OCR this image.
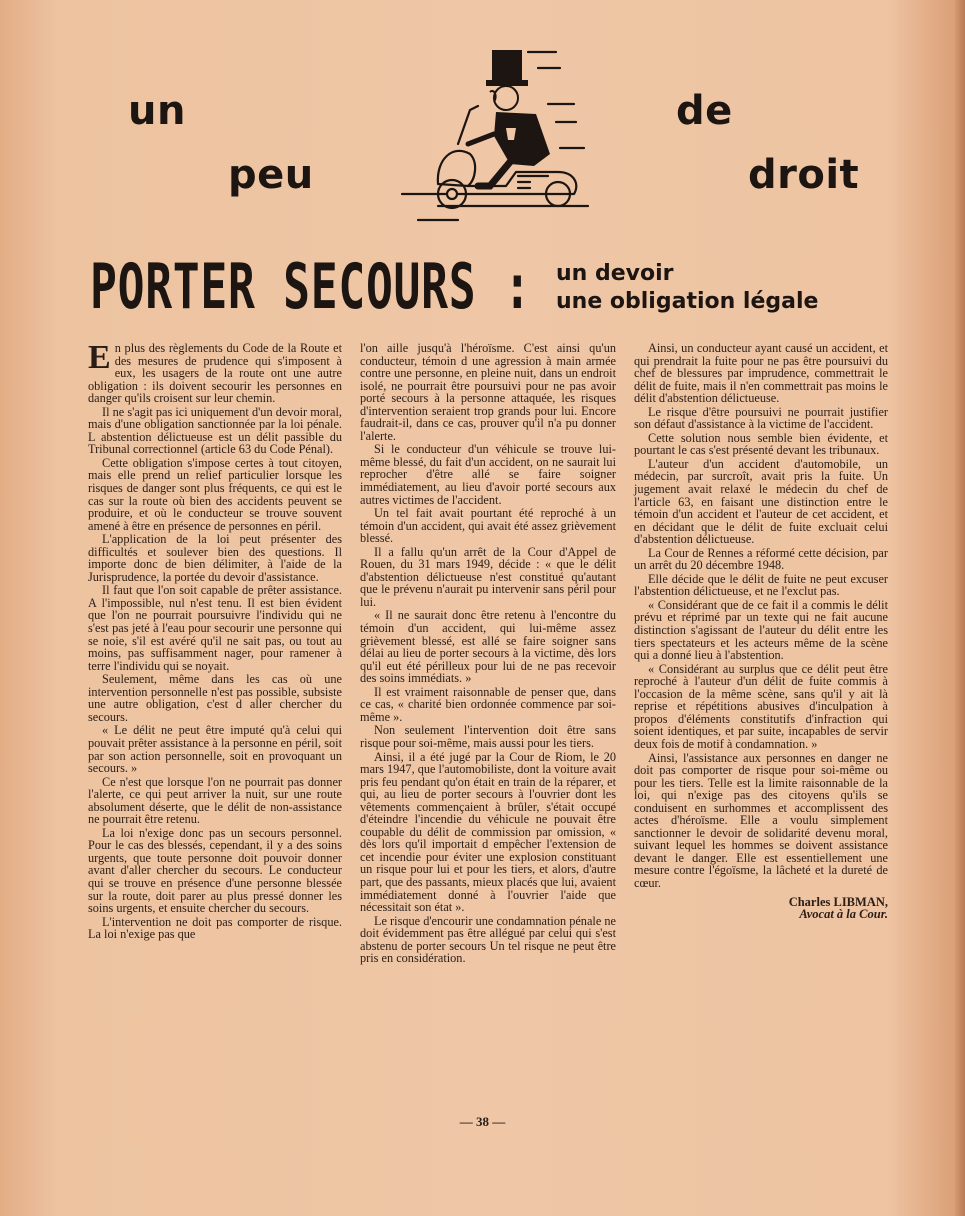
un
peu
de
droit
PORTER SECOURS : un devoir
une obligation légale

En plus des règlements du Code de la Route et des mesures de prudence qui s'imposent à eux, les usagers de la route ont une autre obligation : ils doivent secourir les personnes en danger qu'ils croisent sur leur chemin.

Il ne s'agit pas ici uniquement d'un devoir moral, mais d'une obligation sanctionnée par la loi pénale. L abstention délictueuse est un délit passible du Tribunal correctionnel (article 63 du Code Pénal).

Cette obligation s'impose certes à tout citoyen, mais elle prend un relief particulier lorsque les risques de danger sont plus fréquents, ce qui est le cas sur la route où bien des accidents peuvent se produire, et où le conducteur se trouve souvent amené à être en présence de personnes en péril.

L'application de la loi peut présenter des difficultés et soulever bien des questions. Il importe donc de bien délimiter, à l'aide de la Jurisprudence, la portée du devoir d'assistance.

Il faut que l'on soit capable de prêter assistance. A l'impossible, nul n'est tenu. Il est bien évident que l'on ne pourrait poursuivre l'individu qui ne s'est pas jeté à l'eau pour secourir une personne qui se noie, s'il est avéré qu'il ne sait pas, ou tout au moins, pas suffisamment nager, pour ramener à terre l'individu qui se noyait.

Seulement, même dans les cas où une intervention personnelle n'est pas possible, subsiste une autre obligation, c'est d aller chercher du secours.

« Le délit ne peut être imputé qu'à celui qui pouvait prêter assistance à la personne en péril, soit par son action personnelle, soit en provoquant un secours. »

Ce n'est que lorsque l'on ne pourrait pas donner l'alerte, ce qui peut arriver la nuit, sur une route absolument déserte, que le délit de non-assistance ne pourrait être retenu.

La loi n'exige donc pas un secours personnel. Pour le cas des blessés, cependant, il y a des soins urgents, que toute personne doit pouvoir donner avant d'aller chercher du secours. Le conducteur qui se trouve en présence d'une personne blessée sur la route, doit parer au plus pressé donner les soins urgents, et ensuite chercher du secours.

L'intervention ne doit pas comporter de risque. La loi n'exige pas que

l'on aille jusqu'à l'héroïsme. C'est ainsi qu'un conducteur, témoin d une agression à main armée contre une personne, en pleine nuit, dans un endroit isolé, ne pourrait être poursuivi pour ne pas avoir porté secours à la personne attaquée, les risques d'intervention seraient trop grands pour lui. Encore faudrait-il, dans ce cas, prouver qu'il n'a pu donner l'alerte.

Si le conducteur d'un véhicule se trouve lui-même blessé, du fait d'un accident, on ne saurait lui reprocher d'être allé se faire soigner immédiatement, au lieu d'avoir porté secours aux autres victimes de l'accident.

Un tel fait avait pourtant été reproché à un témoin d'un accident, qui avait été assez grièvement blessé.

Il a fallu qu'un arrêt de la Cour d'Appel de Rouen, du 31 mars 1949, décide : « que le délit d'abstention délictueuse n'est constitué qu'autant que le prévenu n'aurait pu intervenir sans péril pour lui.

« Il ne saurait donc être retenu à l'encontre du témoin d'un accident, qui lui-même assez grièvement blessé, est allé se faire soigner sans délai au lieu de porter secours à la victime, dès lors qu'il eut été périlleux pour lui de ne pas recevoir des soins immédiats. »

Il est vraiment raisonnable de penser que, dans ce cas, « charité bien ordonnée commence par soi-même ».

Non seulement l'intervention doit être sans risque pour soi-même, mais aussi pour les tiers.

Ainsi, il a été jugé par la Cour de Riom, le 20 mars 1947, que l'automobiliste, dont la voiture avait pris feu pendant qu'on était en train de la réparer, et qui, au lieu de porter secours à l'ouvrier dont les vêtements commençaient à brûler, s'était occupé d'éteindre l'incendie du véhicule ne pouvait être coupable du délit de commission par omission, « dès lors qu'il importait d empêcher l'extension de cet incendie pour éviter une explosion constituant un risque pour lui et pour les tiers, et alors, d'autre part, que des passants, mieux placés que lui, avaient immédiatement donné à l'ouvrier l'aide que nécessitait son état ».

Le risque d'encourir une condamnation pénale ne doit évidemment pas être allégué par celui qui s'est abstenu de porter secours Un tel risque ne peut être pris en considération.

Ainsi, un conducteur ayant causé un accident, et qui prendrait la fuite pour ne pas être poursuivi du chef de blessures par imprudence, commettrait le délit de fuite, mais il n'en commettrait pas moins le délit d'abstention délictueuse.

Le risque d'être poursuivi ne pourrait justifier son défaut d'assistance à la victime de l'accident.

Cette solution nous semble bien évidente, et pourtant le cas s'est présenté devant les tribunaux.

L'auteur d'un accident d'automobile, un médecin, par surcroît, avait pris la fuite. Un jugement avait relaxé le médecin du chef de l'article 63, en faisant une distinction entre le témoin d'un accident et l'auteur de cet accident, et en décidant que le délit de fuite excluait celui d'abstention délictueuse.

La Cour de Rennes a réformé cette décision, par un arrêt du 20 décembre 1948.

Elle décide que le délit de fuite ne peut excuser l'abstention délictueuse, et ne l'exclut pas.

« Considérant que de ce fait il a commis le délit prévu et réprimé par un texte qui ne fait aucune distinction s'agissant de l'auteur du délit entre les tiers spectateurs et les acteurs même de la scène qui a donné lieu à l'abstention.

« Considérant au surplus que ce délit peut être reproché à l'auteur d'un délit de fuite commis à l'occasion de la même scène, sans qu'il y ait là reprise et répétitions abusives d'inculpation à propos d'éléments constitutifs d'infraction qui soient identiques, et par suite, incapables de servir deux fois de motif à condamnation. »

Ainsi, l'assistance aux personnes en danger ne doit pas comporter de risque pour soi-même ou pour les tiers. Telle est la limite raisonnable de la loi, qui n'exige pas des citoyens qu'ils se conduisent en surhommes et accomplissent des actes d'héroïsme. Elle a voulu simplement sanctionner le devoir de solidarité devenu moral, suivant lequel les hommes se doivent assistance devant le danger. Elle est essentiellement une mesure contre l'égoïsme, la lâcheté et la dureté de cœur.

Charles LIBMAN,
Avocat à la Cour.
— 38 —
